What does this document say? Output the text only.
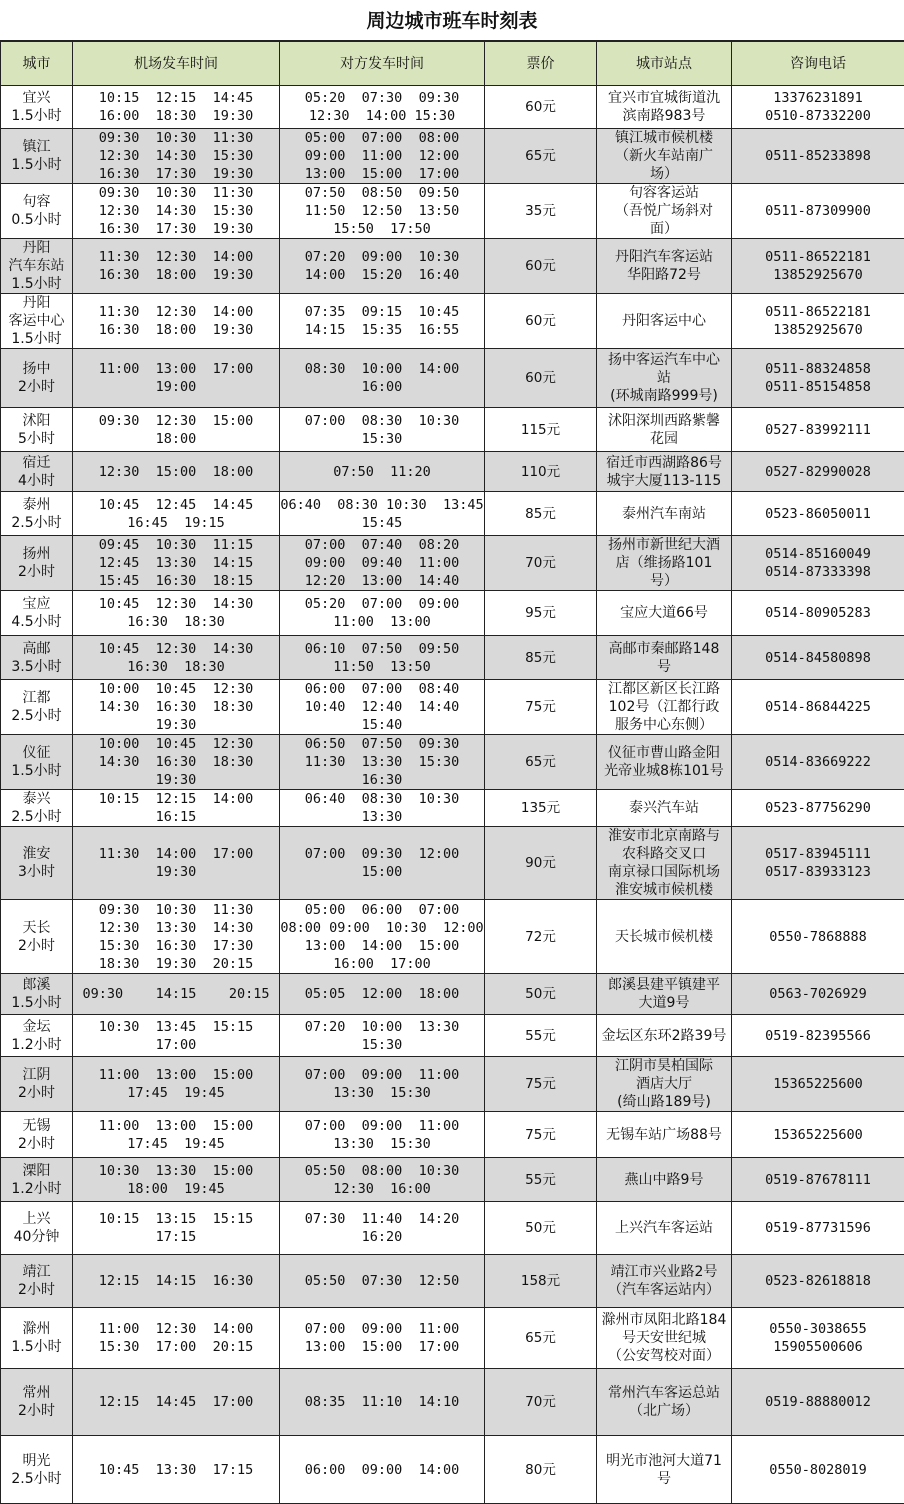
周边城市班车时刻表
城市	机场发车时间	对方发车时间	票价	城市站点	咨询电话

宜兴
1.5小时	10:15  12:15  14:45
16:00  18:30  19:30	05:20  07:30  09:30
12:30  14:00 15:30	60元	宜兴市宜城街道氿
滨南路983号	13376231891
0510-87332200

镇江
1.5小时	09:30  10:30  11:30
12:30  14:30  15:30
16:30  17:30  19:30	05:00  07:00  08:00
09:00  11:00  12:00
13:00  15:00  17:00	65元	镇江城市候机楼
（新火车站南广
场）	0511-85233898

句容
0.5小时	09:30  10:30  11:30
12:30  14:30  15:30
16:30  17:30  19:30	07:50  08:50  09:50
11:50  12:50  13:50
15:50  17:50	35元	句容客运站
（吾悦广场斜对
面）	0511-87309900

丹阳
汽车东站
1.5小时	11:30  12:30  14:00
16:30  18:00  19:30	07:20  09:00  10:30
14:00  15:20  16:40	60元	丹阳汽车客运站
华阳路72号	0511-86522181
13852925670

丹阳
客运中心
1.5小时	11:30  12:30  14:00
16:30  18:00  19:30	07:35  09:15  10:45
14:15  15:35  16:55	60元	丹阳客运中心	0511-86522181
13852925670

扬中
2小时	11:00  13:00  17:00
19:00	08:30  10:00  14:00
16:00	60元	扬中客运汽车中心
站
(环城南路999号)	0511-88324858
0511-85154858

沭阳
5小时	09:30  12:30  15:00
18:00	07:00  08:30  10:30
15:30	115元	沭阳深圳西路紫馨
花园	0527-83992111

宿迁
4小时	12:30  15:00  18:00	07:50  11:20	110元	宿迁市西湖路86号
城宇大厦113-115	0527-82990028

泰州
2.5小时	10:45  12:45  14:45
16:45  19:15	06:40  08:30 10:30  13:45
15:45	85元	泰州汽车南站	0523-86050011

扬州
2小时	09:45  10:30  11:15
12:45  13:30  14:15
15:45  16:30  18:15	07:00  07:40  08:20
09:00  09:40  11:00
12:20  13:00  14:40	70元	扬州市新世纪大酒
店（维扬路101
号）	0514-85160049
0514-87333398

宝应
4.5小时	10:45  12:30  14:30
16:30  18:30	05:20  07:00  09:00
11:00  13:00	95元	宝应大道66号	0514-80905283

高邮
3.5小时	10:45  12:30  14:30
16:30  18:30	06:10  07:50  09:50
11:50  13:50	85元	高邮市秦邮路148
号	0514-84580898

江都
2.5小时	10:00  10:45  12:30
14:30  16:30  18:30
19:30	06:00  07:00  08:40
10:40  12:40  14:40
15:40	75元	江都区新区长江路
102号（江都行政
服务中心东侧）	0514-86844225

仪征
1.5小时	10:00  10:45  12:30
14:30  16:30  18:30
19:30	06:50  07:50  09:30
11:30  13:30  15:30
16:30	65元	仪征市曹山路金阳
光帝业城8栋101号	0514-83669222

泰兴
2.5小时	10:15  12:15  14:00
16:15	06:40  08:30  10:30
13:30	135元	泰兴汽车站	0523-87756290

淮安
3小时	11:30  14:00  17:00
19:30	07:00  09:30  12:00
15:00	90元	淮安市北京南路与
农科路交叉口
南京禄口国际机场
淮安城市候机楼	0517-83945111
0517-83933123

天长
2小时	09:30  10:30  11:30
12:30  13:30  14:30
15:30  16:30  17:30
18:30  19:30  20:15	05:00  06:00  07:00
08:00 09:00  10:30  12:00
13:00  14:00  15:00
16:00  17:00	72元	天长城市候机楼	0550-7868888

郎溪
1.5小时	09:30    14:15    20:15	05:05  12:00  18:00	50元	郎溪县建平镇建平
大道9号	0563-7026929

金坛
1.2小时	10:30  13:45  15:15
17:00	07:20  10:00  13:30
15:30	55元	金坛区东环2路39号	0519-82395566

江阴
2小时	11:00  13:00  15:00
17:45  19:45	07:00  09:00  11:00
13:30  15:30	75元	江阴市昊柏国际
酒店大厅
(绮山路189号)	15365225600

无锡
2小时	11:00  13:00  15:00
17:45  19:45	07:00  09:00  11:00
13:30  15:30	75元	无锡车站广场88号	15365225600

溧阳
1.2小时	10:30  13:30  15:00
18:00  19:45	05:50  08:00  10:30
12:30  16:00	55元	燕山中路9号	0519-87678111

上兴
40分钟	10:15  13:15  15:15
17:15	07:30  11:40  14:20
16:20	50元	上兴汽车客运站	0519-87731596

靖江
2小时	12:15  14:15  16:30	05:50  07:30  12:50	158元	靖江市兴业路2号
（汽车客运站内）	0523-82618818

滁州
1.5小时	11:00  12:30  14:00
15:30  17:00  20:15	07:00  09:00  11:00
13:00  15:00  17:00	65元	滁州市凤阳北路184
号天安世纪城
（公安驾校对面）	0550-3038655
15905500606

常州
2小时	12:15  14:45  17:00	08:35  11:10  14:10	70元	常州汽车客运总站
（北广场）	0519-88880012

明光
2.5小时	10:45  13:30  17:15	06:00  09:00  14:00	80元	明光市池河大道71
号	0550-8028019
